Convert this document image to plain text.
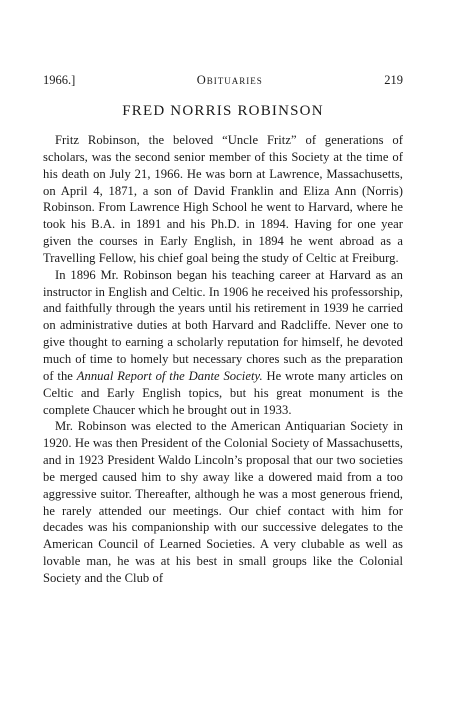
1966.]	Obituaries	219
FRED NORRIS ROBINSON

Fritz Robinson, the beloved “Uncle Fritz” of generations of scholars, was the second senior member of this Society at the time of his death on July 21, 1966. He was born at Lawrence, Massachusetts, on April 4, 1871, a son of David Franklin and Eliza Ann (Norris) Robinson. From Lawrence High School he went to Harvard, where he took his B.A. in 1891 and his Ph.D. in 1894. Having for one year given the courses in Early English, in 1894 he went abroad as a Travelling Fellow, his chief goal being the study of Celtic at Freiburg.

In 1896 Mr. Robinson began his teaching career at Harvard as an instructor in English and Celtic. In 1906 he received his professorship, and faithfully through the years until his retirement in 1939 he carried on administrative duties at both Harvard and Radcliffe. Never one to give thought to earning a scholarly reputation for himself, he devoted much of time to homely but necessary chores such as the preparation of the Annual Report of the Dante Society. He wrote many articles on Celtic and Early English topics, but his great monument is the complete Chaucer which he brought out in 1933.

Mr. Robinson was elected to the American Antiquarian Society in 1920. He was then President of the Colonial Society of Massachusetts, and in 1923 President Waldo Lincoln’s proposal that our two societies be merged caused him to shy away like a dowered maid from a too aggressive suitor. Thereafter, although he was a most generous friend, he rarely attended our meetings. Our chief contact with him for decades was his companionship with our successive delegates to the American Council of Learned Societies. A very clubable as well as lovable man, he was at his best in small groups like the Colonial Society and the Club of
